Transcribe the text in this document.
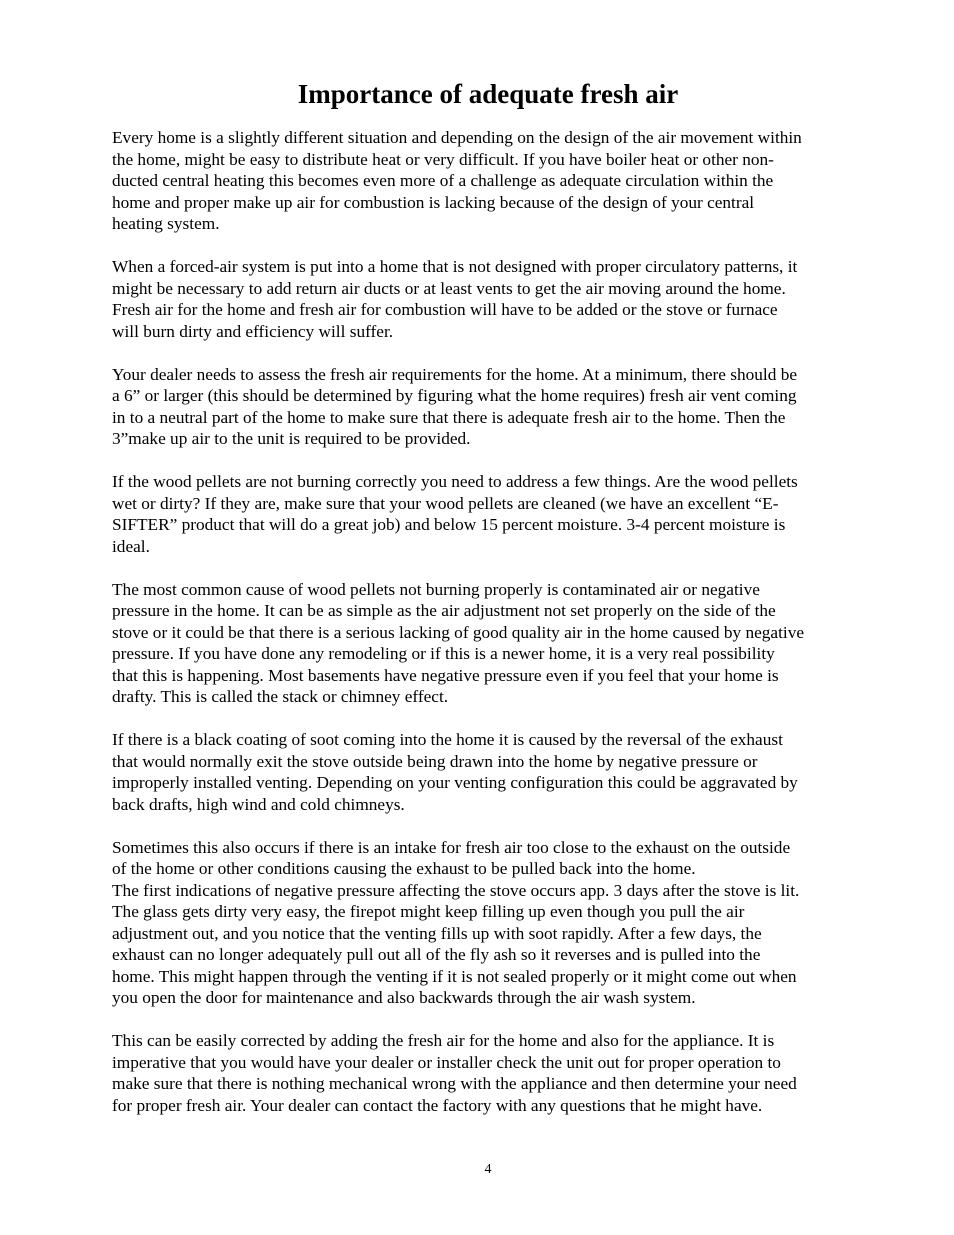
Importance of adequate fresh air

Every home is a slightly different situation and depending on the design of the air movement within
the home, might be easy to distribute heat or very difficult. If you have boiler heat or other non-
ducted central heating this becomes even more of a challenge as adequate circulation within the
home and proper make up air for combustion is lacking because of the design of your central
heating system.

When a forced-air system is put into a home that is not designed with proper circulatory patterns, it
might be necessary to add return air ducts or at least vents to get the air moving around the home.
Fresh air for the home and fresh air for combustion will have to be added or the stove or furnace
will burn dirty and efficiency will suffer.

Your dealer needs to assess the fresh air requirements for the home. At a minimum, there should be
a 6” or larger (this should be determined by figuring what the home requires) fresh air vent coming
in to a neutral part of the home to make sure that there is adequate fresh air to the home. Then the
3”make up air to the unit is required to be provided.

If the wood pellets are not burning correctly you need to address a few things. Are the wood pellets
wet or dirty? If they are, make sure that your wood pellets are cleaned (we have an excellent “E-
SIFTER” product that will do a great job) and below 15 percent moisture. 3-4 percent moisture is
ideal.

The most common cause of wood pellets not burning properly is contaminated air or negative
pressure in the home. It can be as simple as the air adjustment not set properly on the side of the
stove or it could be that there is a serious lacking of good quality air in the home caused by negative
pressure. If you have done any remodeling or if this is a newer home, it is a very real possibility
that this is happening. Most basements have negative pressure even if you feel that your home is
drafty. This is called the stack or chimney effect.

If there is a black coating of soot coming into the home it is caused by the reversal of the exhaust
that would normally exit the stove outside being drawn into the home by negative pressure or
improperly installed venting. Depending on your venting configuration this could be aggravated by
back drafts, high wind and cold chimneys.

Sometimes this also occurs if there is an intake for fresh air too close to the exhaust on the outside
of the home or other conditions causing the exhaust to be pulled back into the home.

The first indications of negative pressure affecting the stove occurs app. 3 days after the stove is lit.
The glass gets dirty very easy, the firepot might keep filling up even though you pull the air
adjustment out, and you notice that the venting fills up with soot rapidly. After a few days, the
exhaust can no longer adequately pull out all of the fly ash so it reverses and is pulled into the
home. This might happen through the venting if it is not sealed properly or it might come out when
you open the door for maintenance and also backwards through the air wash system.

This can be easily corrected by adding the fresh air for the home and also for the appliance. It is
imperative that you would have your dealer or installer check the unit out for proper operation to
make sure that there is nothing mechanical wrong with the appliance and then determine your need
for proper fresh air. Your dealer can contact the factory with any questions that he might have.

4
